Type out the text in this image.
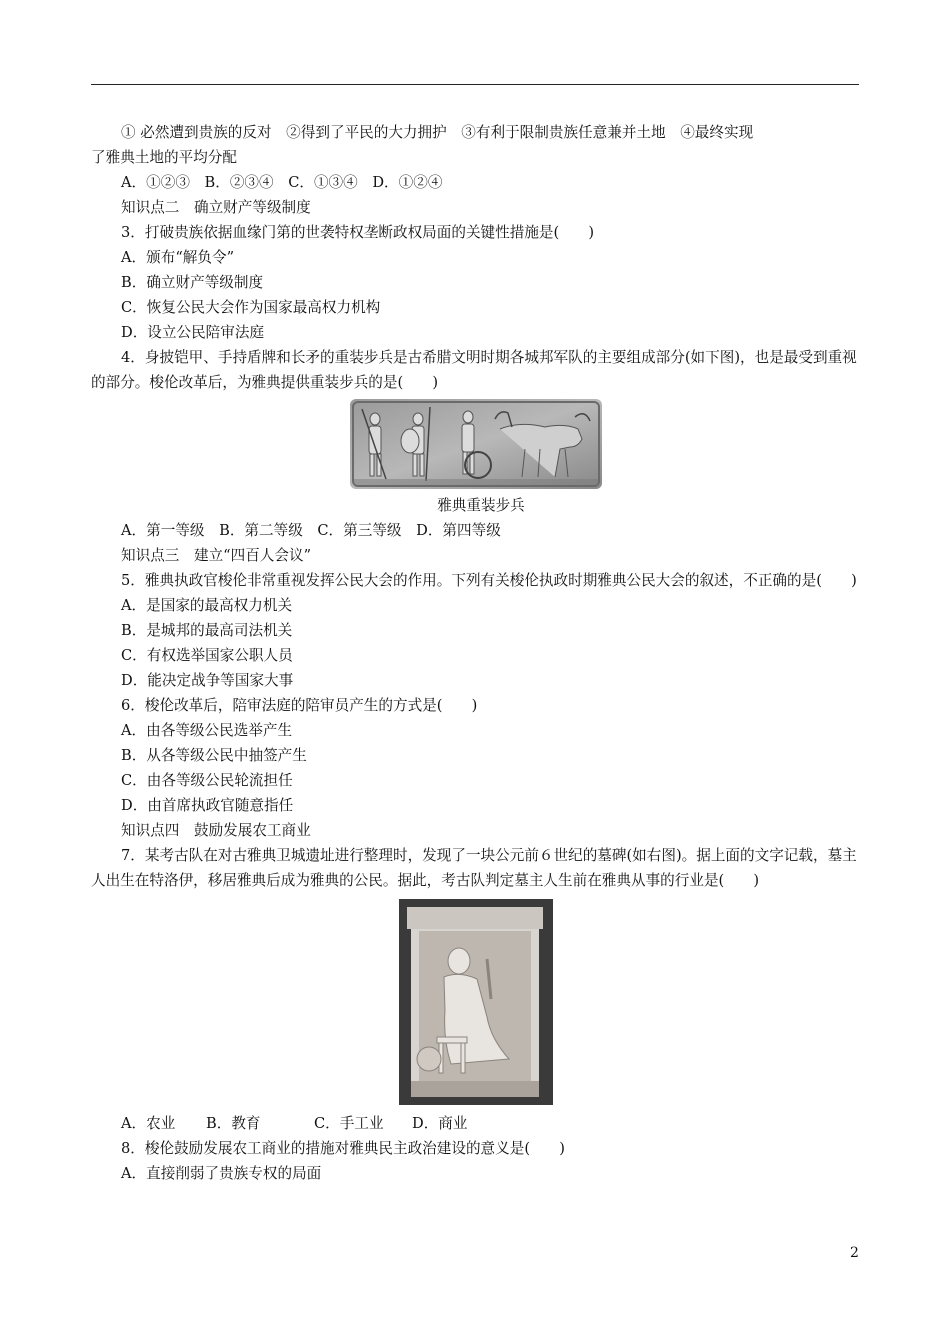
① 必然遭到贵族的反对　②得到了平民的大力拥护　③有利于限制贵族任意兼并土地　④最终实现
了雅典土地的平均分配
A．①②③　B．②③④　C．①③④　D．①②④
知识点二　确立财产等级制度
3．打破贵族依据血缘门第的世袭特权垄断政权局面的关键性措施是(　　)
A．颁布“解负令”
B．确立财产等级制度
C．恢复公民大会作为国家最高权力机构
D．设立公民陪审法庭
4．身披铠甲、手持盾牌和长矛的重装步兵是古希腊文明时期各城邦军队的主要组成部分(如下图)，也是最受到重视的部分。梭伦改革后，为雅典提供重装步兵的是(　　)
雅典重装步兵
A．第一等级　B．第二等级　C．第三等级　D．第四等级
知识点三　建立“四百人会议”
5．雅典执政官梭伦非常重视发挥公民大会的作用。下列有关梭伦执政时期雅典公民大会的叙述，不正确的是(　　)
A．是国家的最高权力机关
B．是城邦的最高司法机关
C．有权选举国家公职人员
D．能决定战争等国家大事
6．梭伦改革后，陪审法庭的陪审员产生的方式是(　　)
A．由各等级公民选举产生
B．从各等级公民中抽签产生
C．由各等级公民轮流担任
D．由首席执政官随意指任
知识点四　鼓励发展农工商业
7．某考古队在对古雅典卫城遗址进行整理时，发现了一块公元前６世纪的墓碑(如右图)。据上面的文字记载，墓主人出生在特洛伊，移居雅典后成为雅典的公民。据此，考古队判定墓主人生前在雅典从事的行业是(　　)
A．农业 B．教育	C．手工业 D．商业
8．梭伦鼓励发展农工商业的措施对雅典民主政治建设的意义是(　　)
A．直接削弱了贵族专权的局面
2
